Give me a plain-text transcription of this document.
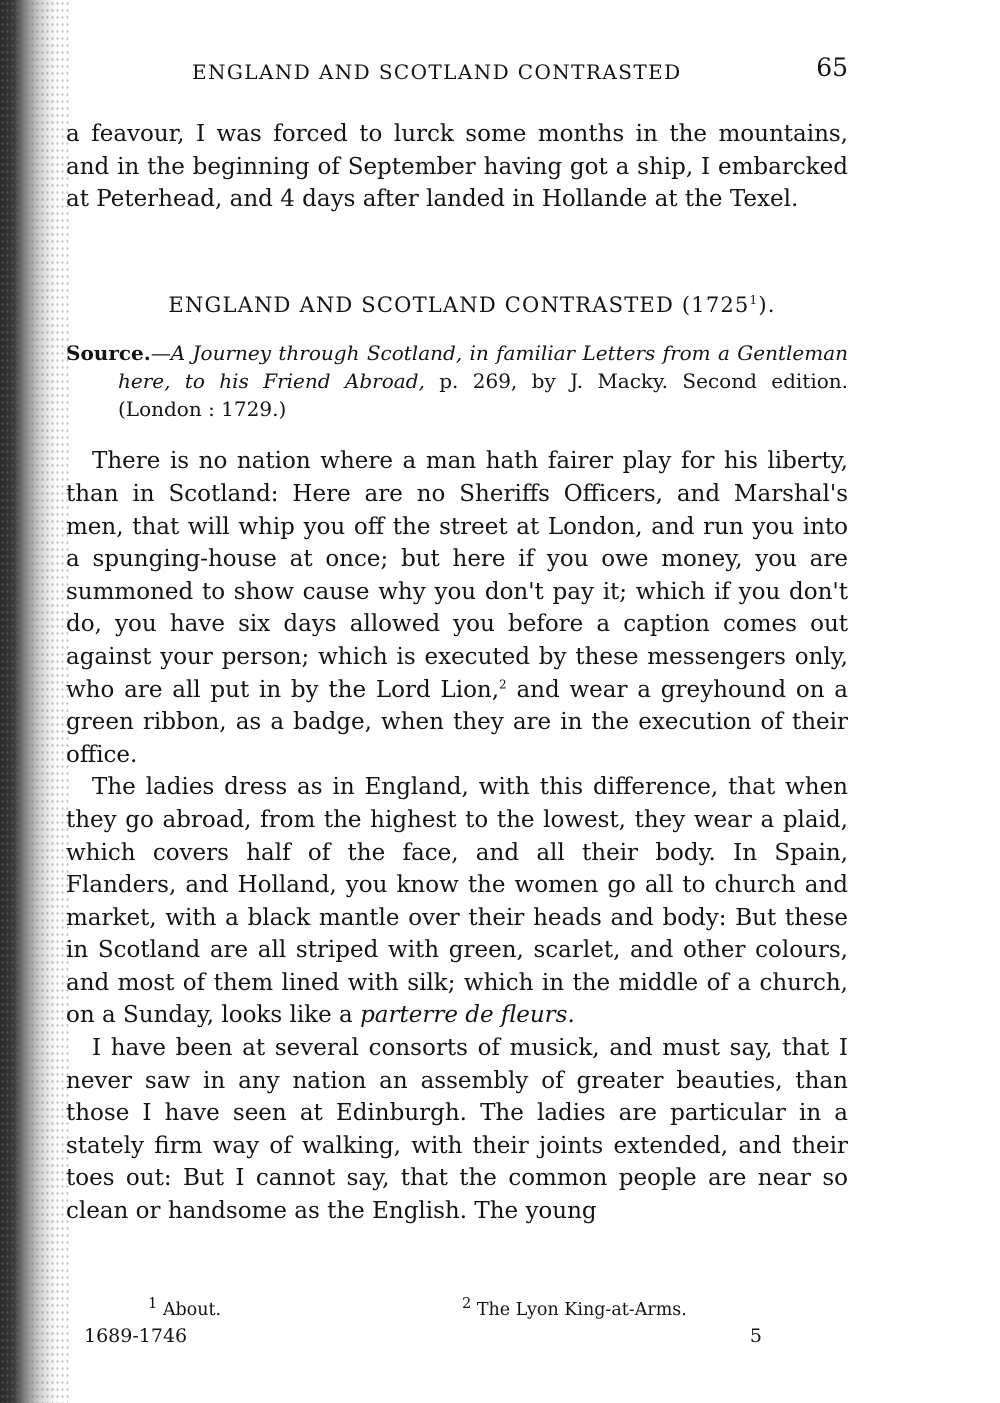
ENGLAND AND SCOTLAND CONTRASTED	65

a feavour, I was forced to lurck some months in the mountains, and in the beginning of September having got a ship, I embarcked at Peterhead, and 4 days after landed in Hollande at the Texel.

ENGLAND AND SCOTLAND CONTRASTED (1725$^1$).

Source.—A Journey through Scotland, in familiar Letters from a Gentleman here, to his Friend Abroad, p. 269, by J. Macky. Second edition. (London : 1729.)

There is no nation where a man hath fairer play for his liberty, than in Scotland: Here are no Sheriffs Officers, and Marshal's men, that will whip you off the street at London, and run you into a spunging-house at once; but here if you owe money, you are summoned to show cause why you don't pay it; which if you don't do, you have six days allowed you before a caption comes out against your person; which is executed by these messengers only, who are all put in by the Lord Lion,$^2$ and wear a greyhound on a green ribbon, as a badge, when they are in the execution of their office.

The ladies dress as in England, with this difference, that when they go abroad, from the highest to the lowest, they wear a plaid, which covers half of the face, and all their body. In Spain, Flanders, and Holland, you know the women go all to church and market, with a black mantle over their heads and body: But these in Scotland are all striped with green, scarlet, and other colours, and most of them lined with silk; which in the middle of a church, on a Sunday, looks like a parterre de fleurs.

I have been at several consorts of musick, and must say, that I never saw in any nation an assembly of greater beauties, than those I have seen at Edinburgh. The ladies are particular in a stately firm way of walking, with their joints extended, and their toes out: But I cannot say, that the common people are near so clean or handsome as the English. The young

$^1$ About.	$^2$ The Lyon King-at-Arms.
1689-1746	5
